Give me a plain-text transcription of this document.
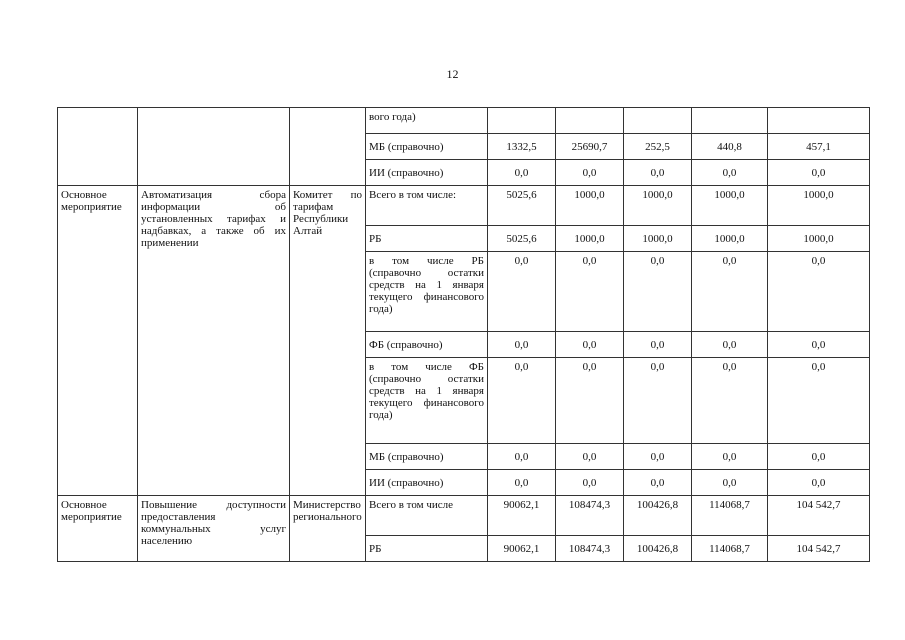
12
			вого года)					
			МБ (справочно)	1332,5	25690,7	252,5	440,8	457,1
			ИИ (справочно)	0,0	0,0	0,0	0,0	0,0
Основное мероприятие	Автоматизация сбора информации об установленных тарифах и надбавках, а также об их применении	Комитет по тарифам Республики Алтай	Всего в том числе:	5025,6	1000,0	1000,0	1000,0	1000,0
			РБ	5025,6	1000,0	1000,0	1000,0	1000,0
			в том числе РБ (справочно остатки средств на 1 января текущего финансового года)	0,0	0,0	0,0	0,0	0,0
			ФБ (справочно)	0,0	0,0	0,0	0,0	0,0
			в том числе ФБ (справочно остатки средств на 1 января текущего финансового года)	0,0	0,0	0,0	0,0	0,0
			МБ (справочно)	0,0	0,0	0,0	0,0	0,0
			ИИ (справочно)	0,0	0,0	0,0	0,0	0,0
Основное мероприятие	Повышение доступности предоставления коммунальных услуг населению	Министерство регионального	Всего в том числе	90062,1	108474,3	100426,8	114068,7	104 542,7
			РБ	90062,1	108474,3	100426,8	114068,7	104 542,7
